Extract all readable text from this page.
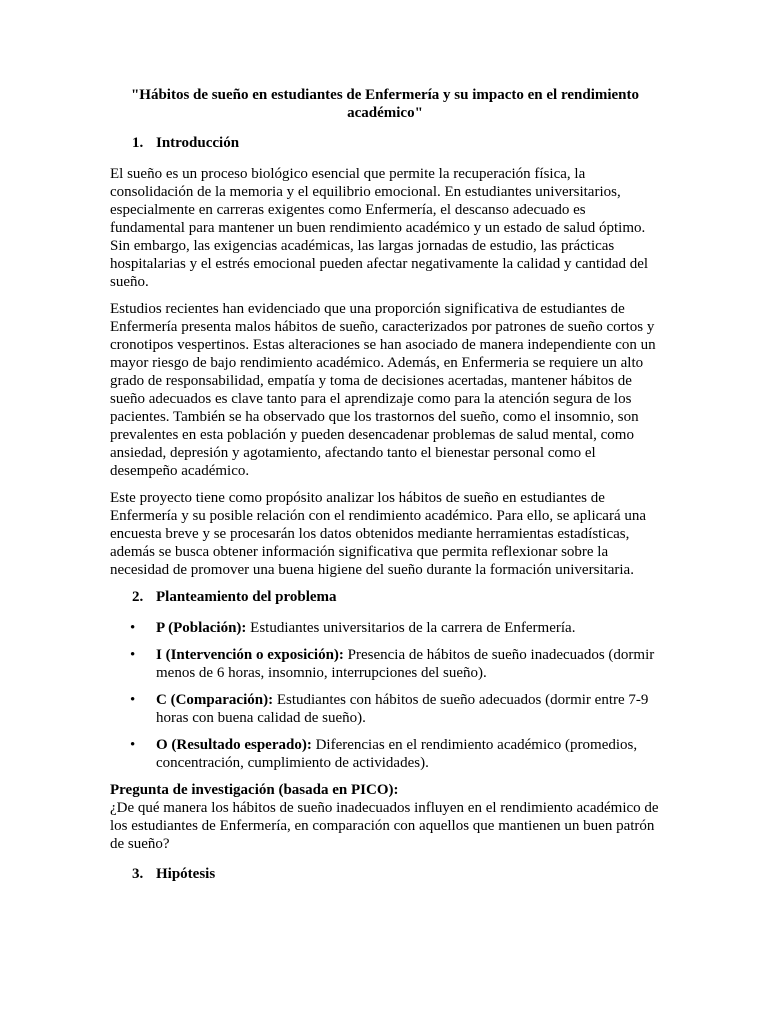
"Hábitos de sueño en estudiantes de Enfermería y su impacto en el rendimiento académico"
1. Introducción

El sueño es un proceso biológico esencial que permite la recuperación física, la consolidación de la memoria y el equilibrio emocional. En estudiantes universitarios, especialmente en carreras exigentes como Enfermería, el descanso adecuado es fundamental para mantener un buen rendimiento académico y un estado de salud óptimo. Sin embargo, las exigencias académicas, las largas jornadas de estudio, las prácticas hospitalarias y el estrés emocional pueden afectar negativamente la calidad y cantidad del sueño.

Estudios recientes han evidenciado que una proporción significativa de estudiantes de Enfermería presenta malos hábitos de sueño, caracterizados por patrones de sueño cortos y cronotipos vespertinos. Estas alteraciones se han asociado de manera independiente con un mayor riesgo de bajo rendimiento académico. Además, en Enfermeria se requiere un alto grado de responsabilidad, empatía y toma de decisiones acertadas, mantener hábitos de sueño adecuados es clave tanto para el aprendizaje como para la atención segura de los pacientes. También se ha observado que los trastornos del sueño, como el insomnio, son prevalentes en esta población y pueden desencadenar problemas de salud mental, como ansiedad, depresión y agotamiento, afectando tanto el bienestar personal como el desempeño académico.

Este proyecto tiene como propósito analizar los hábitos de sueño en estudiantes de Enfermería y su posible relación con el rendimiento académico. Para ello, se aplicará una encuesta breve y se procesarán los datos obtenidos mediante herramientas estadísticas, además se busca obtener información significativa que permita reflexionar sobre la necesidad de promover una buena higiene del sueño durante la formación universitaria.

2. Planteamiento del problema
•
P (Población): Estudiantes universitarios de la carrera de Enfermería.
•
I (Intervención o exposición): Presencia de hábitos de sueño inadecuados (dormir menos de 6 horas, insomnio, interrupciones del sueño).
•
C (Comparación): Estudiantes con hábitos de sueño adecuados (dormir entre 7-9 horas con buena calidad de sueño).
•
O (Resultado esperado): Diferencias en el rendimiento académico (promedios, concentración, cumplimiento de actividades).
Pregunta de investigación (basada en PICO):
¿De qué manera los hábitos de sueño inadecuados influyen en el rendimiento académico de los estudiantes de Enfermería, en comparación con aquellos que mantienen un buen patrón de sueño?
3. Hipótesis
